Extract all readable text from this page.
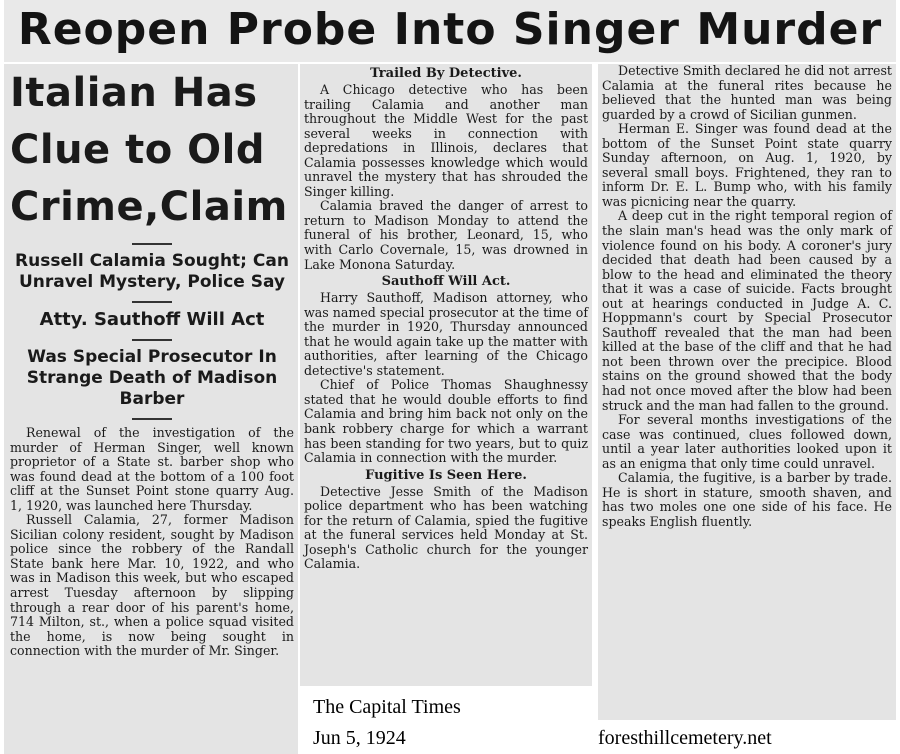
Reopen Probe Into Singer Murder
Italian Has
Clue to Old
Crime,Claim
Russell Calamia Sought; Can Unravel Mystery, Police Say
Atty. Sauthoff Will Act
Was Special Prosecutor In Strange Death of Madison Barber

Renewal of the investigation of the murder of Herman Singer, well known proprietor of a State st. barber shop who was found dead at the bottom of a 100 foot cliff at the Sunset Point stone quarry Aug. 1, 1920, was launched here Thursday.

Russell Calamia, 27, former Madison Sicilian colony resident, sought by Madison police since the robbery of the Randall State bank here Mar. 10, 1922, and who was in Madison this week, but who escaped arrest Tuesday afternoon by slipping through a rear door of his parent's home, 714 Milton, st., when a police squad visited the home, is now being sought in connection with the murder of Mr. Singer.

Trailed By Detective.

A Chicago detective who has been trailing Calamia and another man throughout the Middle West for the past several weeks in connection with depredations in Illinois, declares that Calamia possesses knowledge which would unravel the mystery that has shrouded the Singer killing.

Calamia braved the danger of arrest to return to Madison Monday to attend the funeral of his brother, Leonard, 15, who with Carlo Covernale, 15, was drowned in Lake Monona Saturday.

Sauthoff Will Act.

Harry Sauthoff, Madison attorney, who was named special prosecutor at the time of the murder in 1920, Thursday announced that he would again take up the matter with authorities, after learning of the Chicago detective's statement.

Chief of Police Thomas Shaughnessy stated that he would double efforts to find Calamia and bring him back not only on the bank robbery charge for which a warrant has been standing for two years, but to quiz Calamia in connection with the murder.

Fugitive Is Seen Here.

Detective Jesse Smith of the Madison police department who has been watching for the return of Calamia, spied the fugitive at the funeral services held Monday at St. Joseph's Catholic church for the younger Calamia.

Detective Smith declared he did not arrest Calamia at the funeral rites because he believed that the hunted man was being guarded by a crowd of Sicilian gunmen.

Herman E. Singer was found dead at the bottom of the Sunset Point state quarry Sunday afternoon, on Aug. 1, 1920, by several small boys. Frightened, they ran to inform Dr. E. L. Bump who, with his family was picnicing near the quarry.

A deep cut in the right temporal region of the slain man's head was the only mark of violence found on his body. A coroner's jury decided that death had been caused by a blow to the head and eliminated the theory that it was a case of suicide. Facts brought out at hearings conducted in Judge A. C. Hoppmann's court by Special Prosecutor Sauthoff revealed that the man had been killed at the base of the cliff and that he had not been thrown over the precipice. Blood stains on the ground showed that the body had not once moved after the blow had been struck and the man had fallen to the ground.

For several months investigations of the case was continued, clues followed down, until a year later authorities looked upon it as an enigma that only time could unravel.

Calamia, the fugitive, is a barber by trade. He is short in stature, smooth shaven, and has two moles one one side of his face. He speaks English fluently.

The Capital Times
Jun 5, 1924	foresthillcemetery.net
